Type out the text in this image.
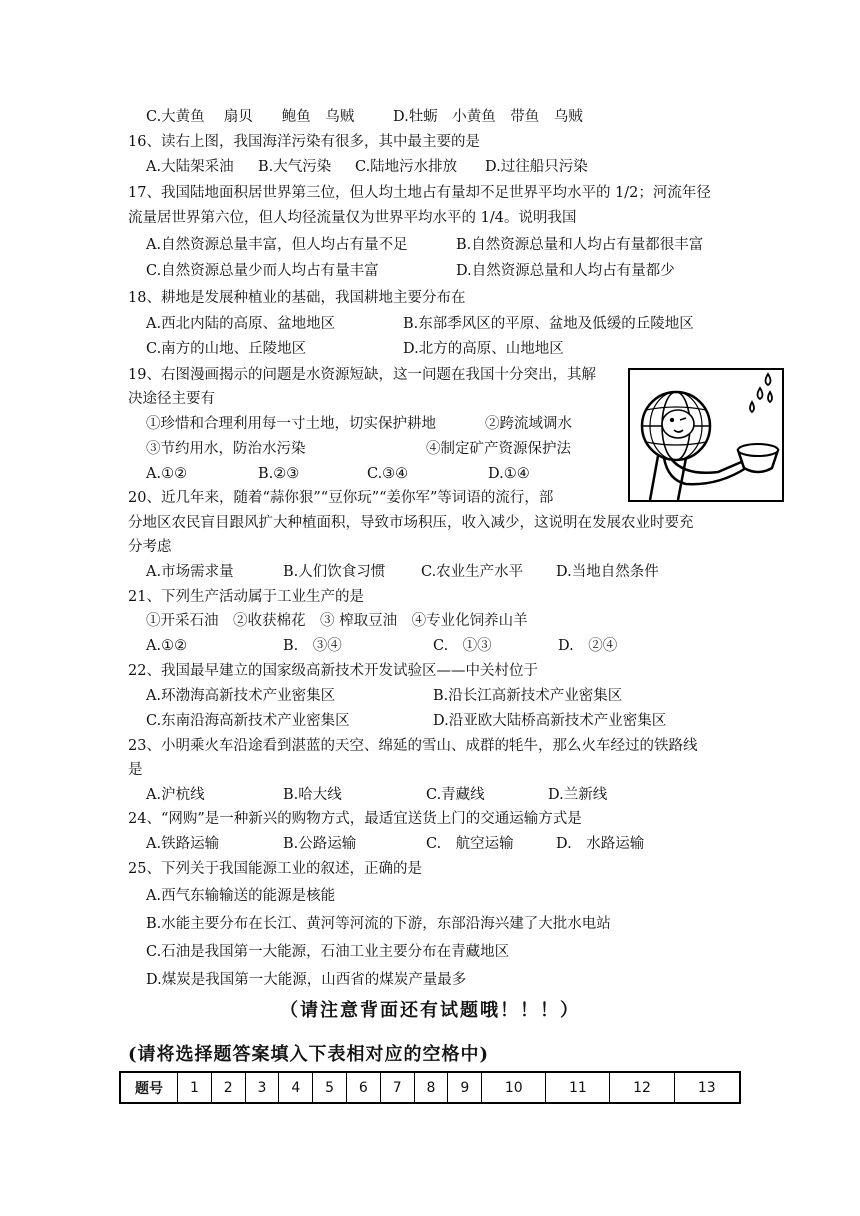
C.大黄鱼　 扇贝　　鲍鱼　乌贼	D.牡蛎　小黄鱼　带鱼　乌贼
16、读右上图，我国海洋污染有很多，其中最主要的是
A.大陆架采油 B.大气污染 C.陆地污水排放 D.过往船只污染
17、我国陆地面积居世界第三位，但人均土地占有量却不足世界平均水平的 1/2；河流年径
流量居世界第六位，但人均径流量仅为世界平均水平的 1/4。说明我国
A.自然资源总量丰富，但人均占有量不足	B.自然资源总量和人均占有量都很丰富
C.自然资源总量少而人均占有量丰富	D.自然资源总量和人均占有量都少
18、耕地是发展种植业的基础，我国耕地主要分布在
A.西北内陆的高原、盆地地区	B.东部季风区的平原、盆地及低缓的丘陵地区
C.南方的山地、丘陵地区	D.北方的高原、山地地区
19、右图漫画揭示的问题是水资源短缺，这一问题在我国十分突出，其解
决途径主要有
①珍惜和合理利用每一寸土地，切实保护耕地	②跨流域调水
③节约用水，防治水污染	④制定矿产资源保护法
A.①②	B.②③	C.③④	D.①④
20、近几年来，随着“蒜你狠”“豆你玩”“姜你军”等词语的流行，部
分地区农民盲目跟风扩大种植面积，导致市场积压，收入减少，这说明在发展农业时要充
分考虑
A.市场需求量	B.人们饮食习惯 C.农业生产水平 D.当地自然条件
21、下列生产活动属于工业生产的是
①开采石油　②收获棉花　③ 榨取豆油　④专业化饲养山羊
A.①②	B.　③④	C.　①③	D.　②④
22、我国最早建立的国家级高新技术开发试验区——中关村位于
A.环渤海高新技术产业密集区	B.沿长江高新技术产业密集区
C.东南沿海高新技术产业密集区	D.沿亚欧大陆桥高新技术产业密集区
23、小明乘火车沿途看到湛蓝的天空、绵延的雪山、成群的牦牛，那么火车经过的铁路线
是
A.沪杭线	B.哈大线	C.青藏线	D.兰新线
24、“网购”是一种新兴的购物方式，最适宜送货上门的交通运输方式是
A.铁路运输	B.公路运输	C.　航空运输	D.　水路运输
25、下列关于我国能源工业的叙述，正确的是
A.西气东输输送的能源是核能
B.水能主要分布在长江、黄河等河流的下游，东部沿海兴建了大批水电站
C.石油是我国第一大能源，石油工业主要分布在青藏地区
D.煤炭是我国第一大能源，山西省的煤炭产量最多
（请注意背面还有试题哦！！！）
(请将选择题答案填入下表相对应的空格中)
题号	1	2	3	4	5	6	7	8	9	10	11	12	13
